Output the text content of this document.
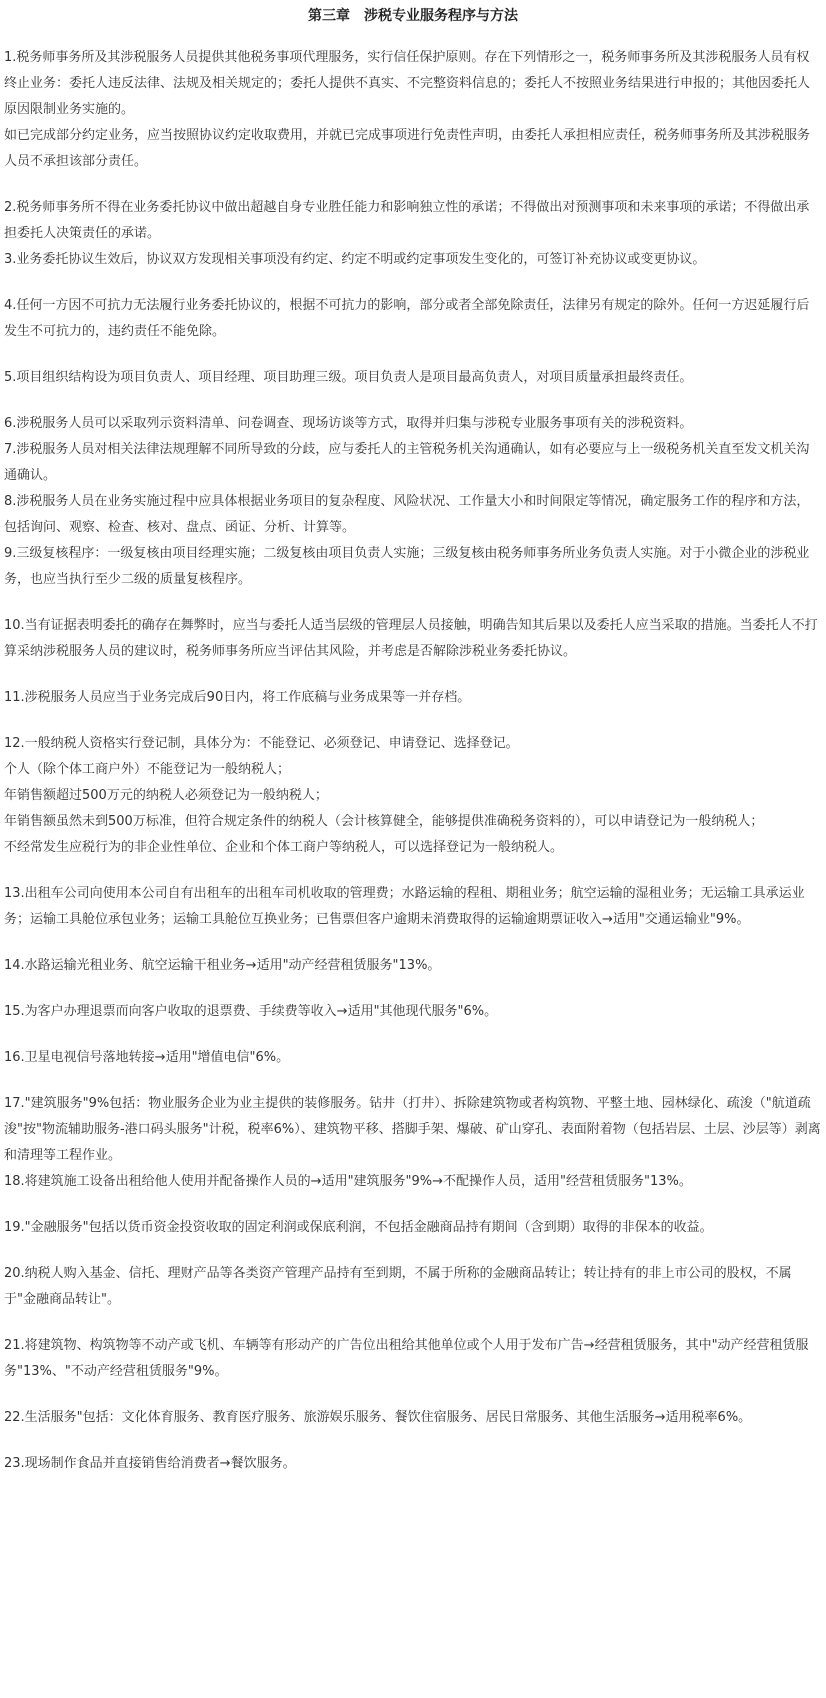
第三章　涉税专业服务程序与方法

1.税务师事务所及其涉税服务人员提供其他税务事项代理服务，实行信任保护原则。存在下列情形之一，税务师事务所及其涉税服务人员有权终止业务：委托人违反法律、法规及相关规定的；委托人提供不真实、不完整资料信息的；委托人不按照业务结果进行申报的；其他因委托人原因限制业务实施的。

如已完成部分约定业务，应当按照协议约定收取费用，并就已完成事项进行免责性声明，由委托人承担相应责任，税务师事务所及其涉税服务人员不承担该部分责任。

2.税务师事务所不得在业务委托协议中做出超越自身专业胜任能力和影响独立性的承诺；不得做出对预测事项和未来事项的承诺；不得做出承担委托人决策责任的承诺。

3.业务委托协议生效后，协议双方发现相关事项没有约定、约定不明或约定事项发生变化的，可签订补充协议或变更协议。

4.任何一方因不可抗力无法履行业务委托协议的，根据不可抗力的影响，部分或者全部免除责任，法律另有规定的除外。任何一方迟延履行后发生不可抗力的，违约责任不能免除。

5.项目组织结构设为项目负责人、项目经理、项目助理三级。项目负责人是项目最高负责人，对项目质量承担最终责任。

6.涉税服务人员可以采取列示资料清单、问卷调查、现场访谈等方式，取得并归集与涉税专业服务事项有关的涉税资料。

7.涉税服务人员对相关法律法规理解不同所导致的分歧，应与委托人的主管税务机关沟通确认，如有必要应与上一级税务机关直至发文机关沟通确认。

8.涉税服务人员在业务实施过程中应具体根据业务项目的复杂程度、风险状况、工作量大小和时间限定等情况，确定服务工作的程序和方法，包括询问、观察、检查、核对、盘点、函证、分析、计算等。

9.三级复核程序：一级复核由项目经理实施；二级复核由项目负责人实施；三级复核由税务师事务所业务负责人实施。对于小微企业的涉税业务，也应当执行至少二级的质量复核程序。

10.当有证据表明委托的确存在舞弊时，应当与委托人适当层级的管理层人员接触，明确告知其后果以及委托人应当采取的措施。当委托人不打算采纳涉税服务人员的建议时，税务师事务所应当评估其风险，并考虑是否解除涉税业务委托协议。

11.涉税服务人员应当于业务完成后90日内，将工作底稿与业务成果等一并存档。

12.一般纳税人资格实行登记制，具体分为：不能登记、必须登记、申请登记、选择登记。

个人（除个体工商户外）不能登记为一般纳税人；

年销售额超过500万元的纳税人必须登记为一般纳税人；

年销售额虽然未到500万标准，但符合规定条件的纳税人（会计核算健全，能够提供准确税务资料的），可以申请登记为一般纳税人；

不经常发生应税行为的非企业性单位、企业和个体工商户等纳税人，可以选择登记为一般纳税人。

13.出租车公司向使用本公司自有出租车的出租车司机收取的管理费；水路运输的程租、期租业务；航空运输的湿租业务；无运输工具承运业务；运输工具舱位承包业务；运输工具舱位互换业务；已售票但客户逾期未消费取得的运输逾期票证收入→适用"交通运输业"9%。

14.水路运输光租业务、航空运输干租业务→适用"动产经营租赁服务"13%。

15.为客户办理退票而向客户收取的退票费、手续费等收入→适用"其他现代服务"6%。

16.卫星电视信号落地转接→适用"增值电信"6%。

17."建筑服务"9%包括：物业服务企业为业主提供的装修服务。钻井（打井）、拆除建筑物或者构筑物、平整土地、园林绿化、疏浚（"航道疏浚"按"物流辅助服务-港口码头服务"计税，税率6%）、建筑物平移、搭脚手架、爆破、矿山穿孔、表面附着物（包括岩层、土层、沙层等）剥离和清理等工程作业。

18.将建筑施工设备出租给他人使用并配备操作人员的→适用"建筑服务"9%→不配操作人员，适用"经营租赁服务"13%。

19."金融服务"包括以货币资金投资收取的固定利润或保底利润，不包括金融商品持有期间（含到期）取得的非保本的收益。

20.纳税人购入基金、信托、理财产品等各类资产管理产品持有至到期，不属于所称的金融商品转让；转让持有的非上市公司的股权，不属于"金融商品转让"。

21.将建筑物、构筑物等不动产或飞机、车辆等有形动产的广告位出租给其他单位或个人用于发布广告→经营租赁服务，其中"动产经营租赁服务"13%、"不动产经营租赁服务"9%。

22.生活服务"包括：文化体育服务、教育医疗服务、旅游娱乐服务、餐饮住宿服务、居民日常服务、其他生活服务→适用税率6%。

23.现场制作食品并直接销售给消费者→餐饮服务。
